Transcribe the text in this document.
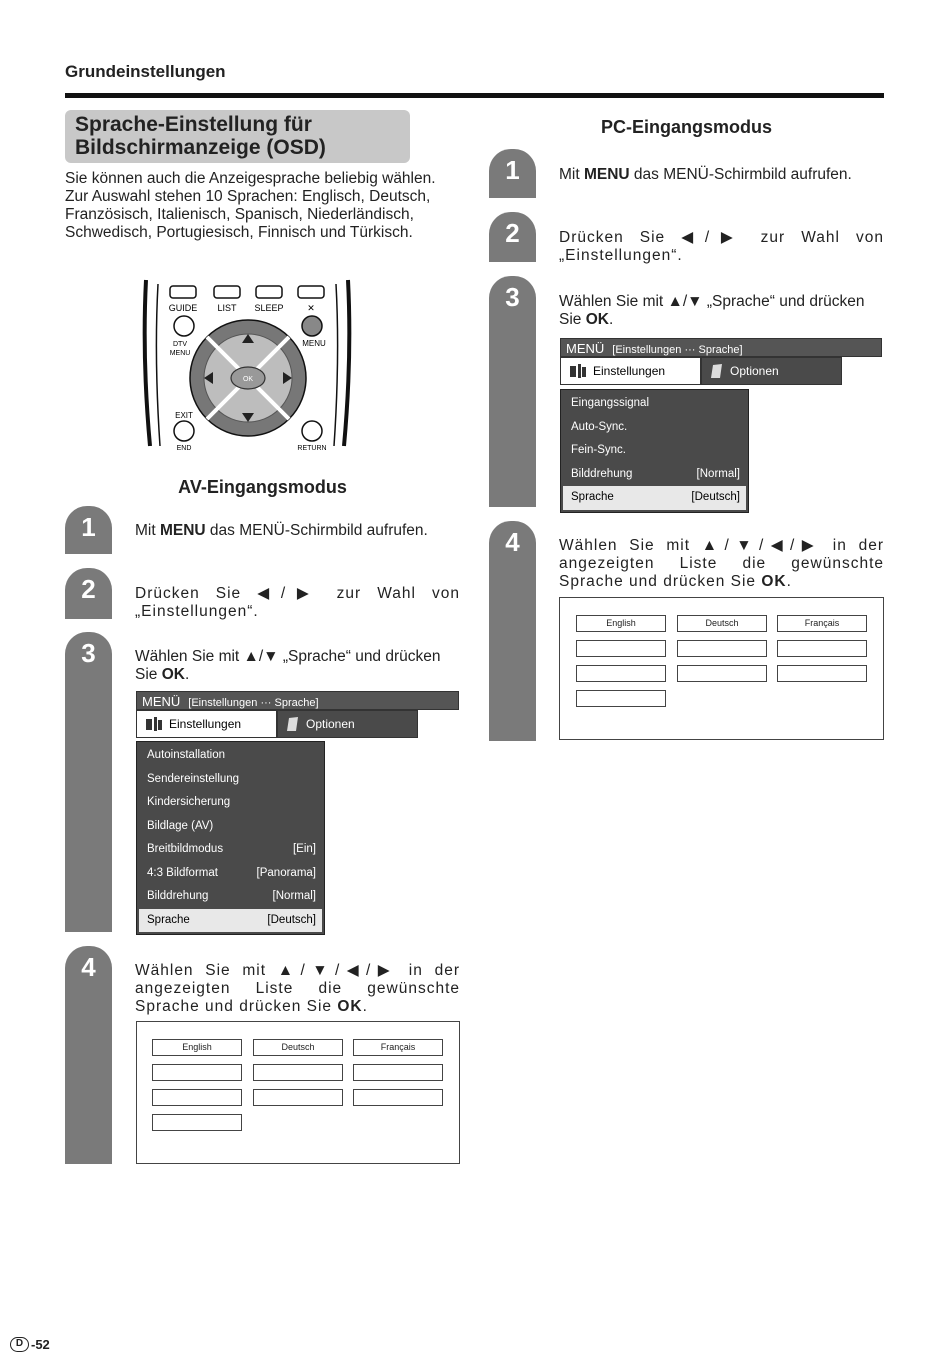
Grundeinstellungen
Sprache-Einstellung für
Bildschirmanzeige (OSD)
Sie können auch die Anzeigesprache beliebig wählen. Zur Auswahl stehen 10 Sprachen: Englisch, Deutsch, Französisch, Italienisch, Spanisch, Niederländisch, Schwedisch, Portugiesisch, Finnisch und Türkisch.
GUIDE LIST SLEEP	✕
DTV
MENU
MENU
OK
EXIT
END	RETURN
AV-Eingangsmodus
1
2
3
4
Mit MENU das MENÜ-Schirmbild aufrufen.
Drücken Sie ◀/▶ zur Wahl von „Einstellungen“.
Wählen Sie mit ▲/▼ „Sprache“ und drücken Sie OK.
MENÜ [Einstellungen ··· Sprache]
Einstellungen	Optionen
Autoinstallation
Sendereinstellung
Kindersicherung
Bildlage (AV)
Breitbildmodus	[Ein]
4:3 Bildformat	[Panorama]
Bilddrehung	[Normal]
Sprache	[Deutsch]
Wählen Sie mit ▲/▼/◀/▶ in der angezeigten Liste die gewünschte Sprache und drücken Sie OK.
English	Deutsch	Français
PC-Eingangsmodus
1
2
3
4
Mit MENU das MENÜ-Schirmbild aufrufen.
Drücken Sie ◀/▶ zur Wahl von „Einstellungen“.
Wählen Sie mit ▲/▼ „Sprache“ und drücken Sie OK.
MENÜ [Einstellungen ··· Sprache]
Einstellungen	Optionen
Eingangssignal
Auto-Sync.
Fein-Sync.
Bilddrehung	[Normal]
Sprache	[Deutsch]
Wählen Sie mit ▲/▼/◀/▶ in der angezeigten Liste die gewünschte Sprache und drücken Sie OK.
English	Deutsch	Français
D -52
